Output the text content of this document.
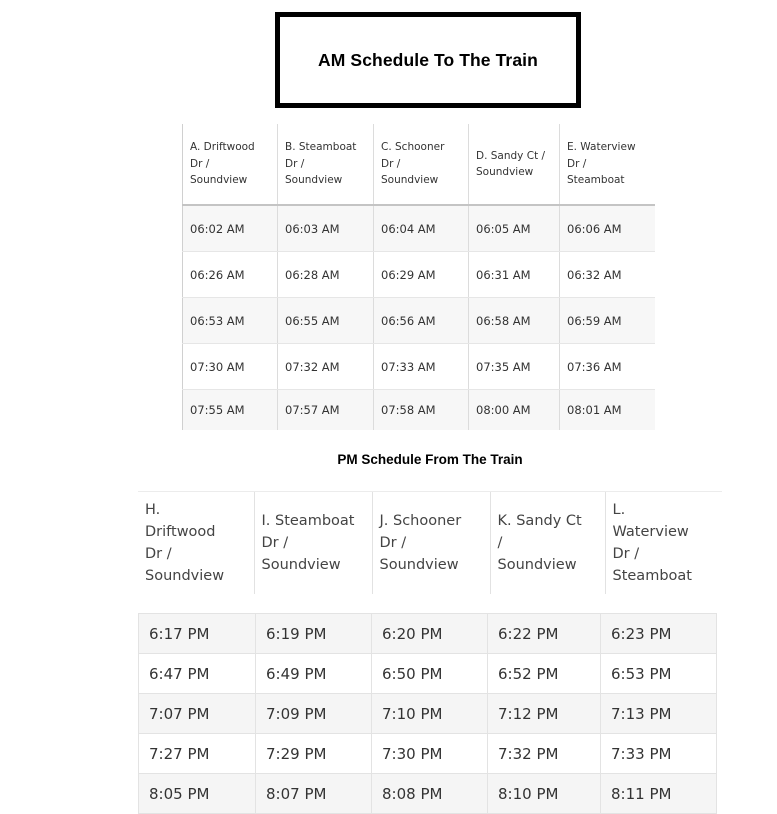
AM Schedule To The Train
A. Driftwood
Dr /
Soundview	B. Steamboat
Dr /
Soundview	C. Schooner
Dr /
Soundview	D. Sandy Ct /
Soundview	E. Waterview
Dr /
Steamboat
06:02 AM	06:03 AM	06:04 AM	06:05 AM	06:06 AM
06:26 AM	06:28 AM	06:29 AM	06:31 AM	06:32 AM
06:53 AM	06:55 AM	06:56 AM	06:58 AM	06:59 AM
07:30 AM	07:32 AM	07:33 AM	07:35 AM	07:36 AM
07:55 AM	07:57 AM	07:58 AM	08:00 AM	08:01 AM
PM Schedule From The Train
H.
Driftwood
Dr /
Soundview	I. Steamboat
Dr /
Soundview	J. Schooner
Dr /
Soundview	K. Sandy Ct
/
Soundview	L.
Waterview
Dr /
Steamboat
6:17 PM	6:19 PM	6:20 PM	6:22 PM	6:23 PM
6:47 PM	6:49 PM	6:50 PM	6:52 PM	6:53 PM
7:07 PM	7:09 PM	7:10 PM	7:12 PM	7:13 PM
7:27 PM	7:29 PM	7:30 PM	7:32 PM	7:33 PM
8:05 PM	8:07 PM	8:08 PM	8:10 PM	8:11 PM
